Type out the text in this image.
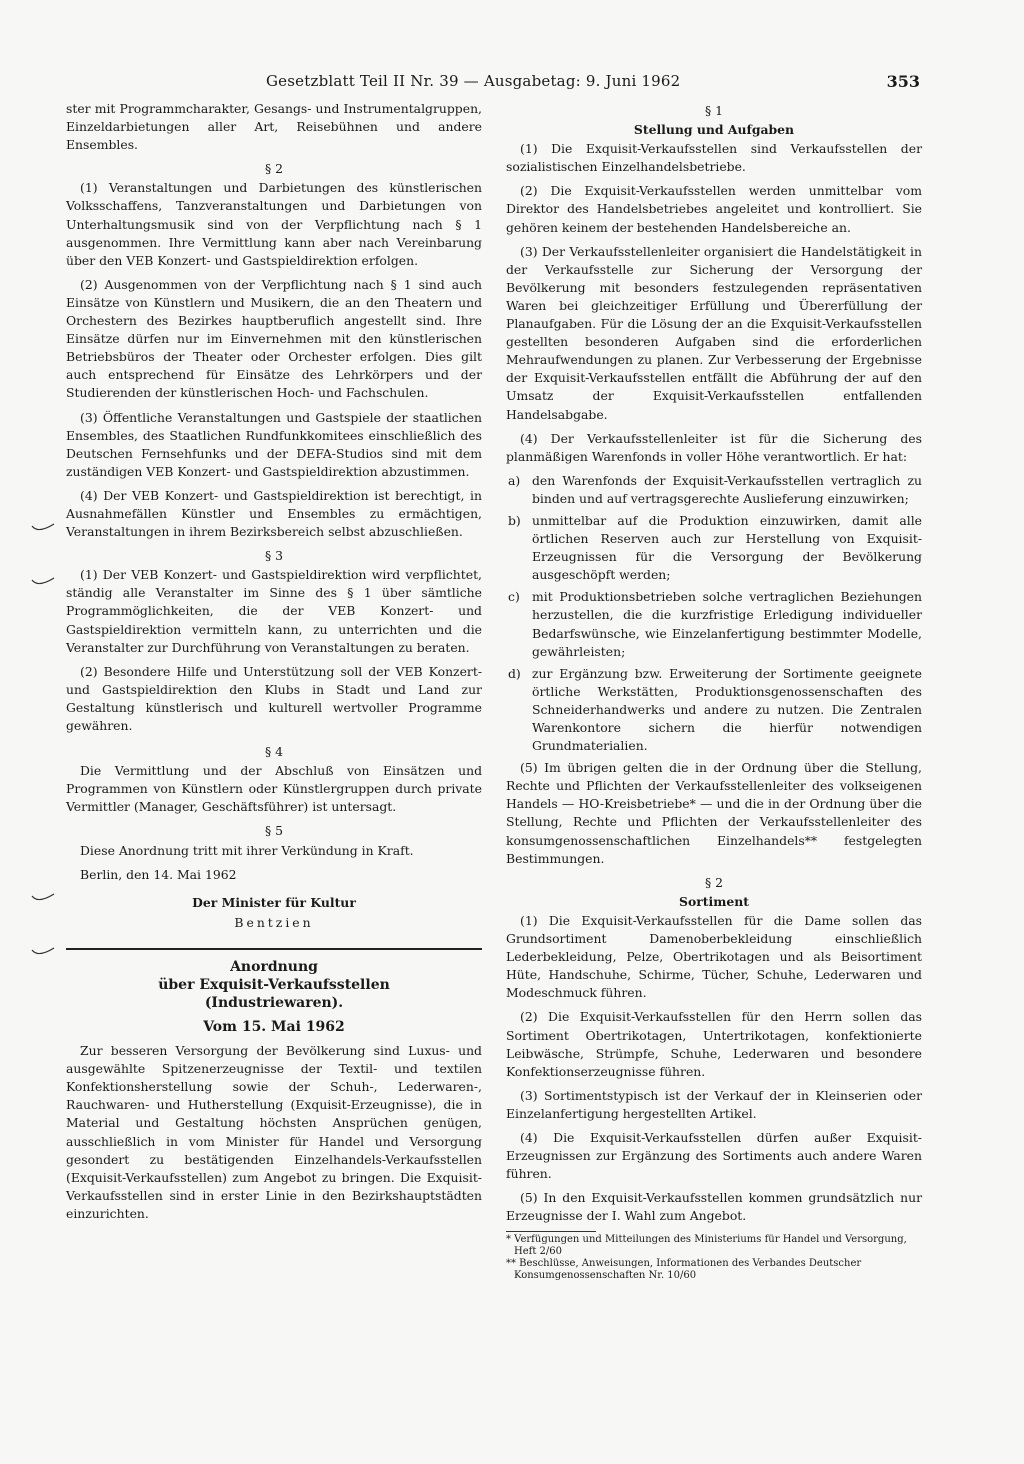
Gesetzblatt Teil II Nr. 39 — Ausgabetag: 9. Juni 1962	353

ster mit Programmcharakter, Gesangs- und Instrumentalgruppen, Einzeldarbietungen aller Art, Reisebühnen und andere Ensembles.

§ 2

(1) Veranstaltungen und Darbietungen des künstlerischen Volksschaffens, Tanzveranstaltungen und Darbietungen von Unterhaltungsmusik sind von der Verpflichtung nach § 1 ausgenommen. Ihre Vermittlung kann aber nach Vereinbarung über den VEB Konzert- und Gastspieldirektion erfolgen.

(2) Ausgenommen von der Verpflichtung nach § 1 sind auch Einsätze von Künstlern und Musikern, die an den Theatern und Orchestern des Bezirkes hauptberuflich angestellt sind. Ihre Einsätze dürfen nur im Einvernehmen mit den künstlerischen Betriebsbüros der Theater oder Orchester erfolgen. Dies gilt auch entsprechend für Einsätze des Lehrkörpers und der Studierenden der künstlerischen Hoch- und Fachschulen.

(3) Öffentliche Veranstaltungen und Gastspiele der staatlichen Ensembles, des Staatlichen Rundfunkkomitees einschließlich des Deutschen Fernsehfunks und der DEFA-Studios sind mit dem zuständigen VEB Konzert- und Gastspieldirektion abzustimmen.

(4) Der VEB Konzert- und Gastspieldirektion ist berechtigt, in Ausnahmefällen Künstler und Ensembles zu ermächtigen, Veranstaltungen in ihrem Bezirksbereich selbst abzuschließen.

§ 3

(1) Der VEB Konzert- und Gastspieldirektion wird verpflichtet, ständig alle Veranstalter im Sinne des § 1 über sämtliche Programmöglichkeiten, die der VEB Konzert- und Gastspieldirektion vermitteln kann, zu unterrichten und die Veranstalter zur Durchführung von Veranstaltungen zu beraten.

(2) Besondere Hilfe und Unterstützung soll der VEB Konzert- und Gastspieldirektion den Klubs in Stadt und Land zur Gestaltung künstlerisch und kulturell wertvoller Programme gewähren.

§ 4

Die Vermittlung und der Abschluß von Einsätzen und Programmen von Künstlern oder Künstlergruppen durch private Vermittler (Manager, Geschäftsführer) ist untersagt.

§ 5

Diese Anordnung tritt mit ihrer Verkündung in Kraft.

Berlin, den 14. Mai 1962

Der Minister für Kultur

Bentzien

Anordnung

über Exquisit-Verkaufsstellen

(Industriewaren).

Vom 15. Mai 1962

Zur besseren Versorgung der Bevölkerung sind Luxus- und ausgewählte Spitzenerzeugnisse der Textil- und textilen Konfektionsherstellung sowie der Schuh-, Lederwaren-, Rauchwaren- und Hutherstellung (Exquisit-Erzeugnisse), die in Material und Gestaltung höchsten Ansprüchen genügen, ausschließlich in vom Minister für Handel und Versorgung gesondert zu bestätigenden Einzelhandels-Verkaufsstellen (Exquisit-Verkaufsstellen) zum Angebot zu bringen. Die Exquisit-Verkaufsstellen sind in erster Linie in den Bezirkshauptstädten einzurichten.

§ 1
Stellung und Aufgaben

(1) Die Exquisit-Verkaufsstellen sind Verkaufsstellen der sozialistischen Einzelhandelsbetriebe.

(2) Die Exquisit-Verkaufsstellen werden unmittelbar vom Direktor des Handelsbetriebes angeleitet und kontrolliert. Sie gehören keinem der bestehenden Handelsbereiche an.

(3) Der Verkaufsstellenleiter organisiert die Handelstätigkeit in der Verkaufsstelle zur Sicherung der Versorgung der Bevölkerung mit besonders festzulegenden repräsentativen Waren bei gleichzeitiger Erfüllung und Übererfüllung der Planaufgaben. Für die Lösung der an die Exquisit-Verkaufsstellen gestellten besonderen Aufgaben sind die erforderlichen Mehraufwendungen zu planen. Zur Verbesserung der Ergebnisse der Exquisit-Verkaufsstellen entfällt die Abführung der auf den Umsatz der Exquisit-Verkaufsstellen entfallenden Handelsabgabe.

(4) Der Verkaufsstellenleiter ist für die Sicherung des planmäßigen Warenfonds in voller Höhe verantwortlich. Er hat:

a) den Warenfonds der Exquisit-Verkaufsstellen vertraglich zu binden und auf vertragsgerechte Auslieferung einzuwirken;
b) unmittelbar auf die Produktion einzuwirken, damit alle örtlichen Reserven auch zur Herstellung von Exquisit-Erzeugnissen für die Versorgung der Bevölkerung ausgeschöpft werden;
c) mit Produktionsbetrieben solche vertraglichen Beziehungen herzustellen, die die kurzfristige Erledigung individueller Bedarfswünsche, wie Einzelanfertigung bestimmter Modelle, gewährleisten;
d) zur Ergänzung bzw. Erweiterung der Sortimente geeignete örtliche Werkstätten, Produktionsgenossenschaften des Schneiderhandwerks und andere zu nutzen. Die Zentralen Warenkontore sichern die hierfür notwendigen Grundmaterialien.

(5) Im übrigen gelten die in der Ordnung über die Stellung, Rechte und Pflichten der Verkaufsstellenleiter des volkseigenen Handels — HO-Kreisbetriebe* — und die in der Ordnung über die Stellung, Rechte und Pflichten der Verkaufsstellenleiter des konsumgenossenschaftlichen Einzelhandels** festgelegten Bestimmungen.

§ 2
Sortiment

(1) Die Exquisit-Verkaufsstellen für die Dame sollen das Grundsortiment Damenoberbekleidung einschließlich Lederbekleidung, Pelze, Obertrikotagen und als Beisortiment Hüte, Handschuhe, Schirme, Tücher, Schuhe, Lederwaren und Modeschmuck führen.

(2) Die Exquisit-Verkaufsstellen für den Herrn sollen das Sortiment Obertrikotagen, Untertrikotagen, konfektionierte Leibwäsche, Strümpfe, Schuhe, Lederwaren und besondere Konfektionserzeugnisse führen.

(3) Sortimentstypisch ist der Verkauf der in Kleinserien oder Einzelanfertigung hergestellten Artikel.

(4) Die Exquisit-Verkaufsstellen dürfen außer Exquisit-Erzeugnissen zur Ergänzung des Sortiments auch andere Waren führen.

(5) In den Exquisit-Verkaufsstellen kommen grundsätzlich nur Erzeugnisse der I. Wahl zum Angebot.

* Verfügungen und Mitteilungen des Ministeriums für Handel und Versorgung, Heft 2/60

** Beschlüsse, Anweisungen, Informationen des Verbandes Deutscher Konsumgenossenschaften Nr. 10/60
